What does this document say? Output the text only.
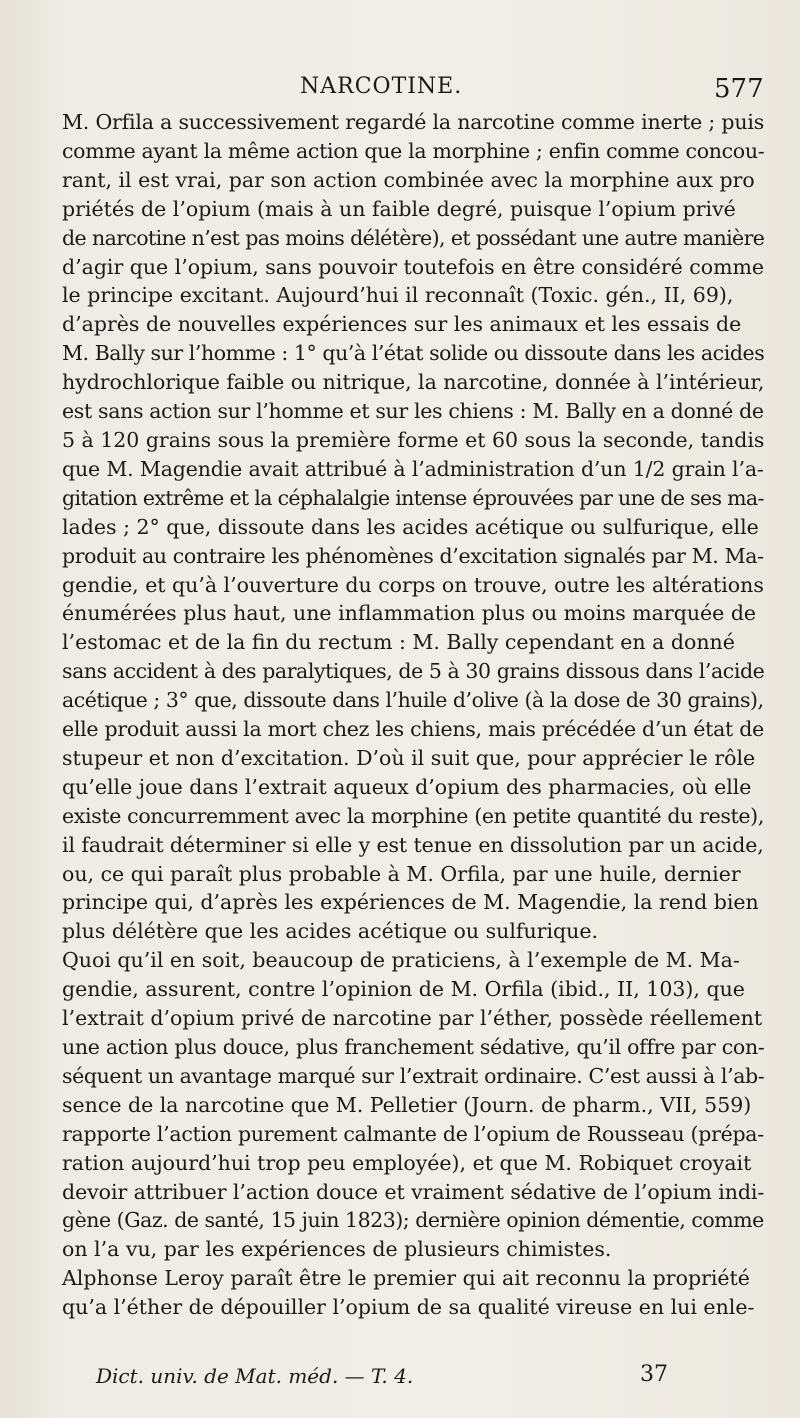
NARCOTINE.	577

M. Orfila a successivement regardé la narcotine comme inerte ; puis
comme ayant la même action que la morphine ; enfin comme concou-
rant, il est vrai, par son action combinée avec la morphine aux pro
priétés de l’opium (mais à un faible degré, puisque l’opium privé
de narcotine n’est pas moins délétère), et possédant une autre manière
d’agir que l’opium, sans pouvoir toutefois en être considéré comme
le principe excitant. Aujourd’hui il reconnaît (Toxic. gén., II, 69),
d’après de nouvelles expériences sur les animaux et les essais de
M. Bally sur l’homme : 1° qu’à l’état solide ou dissoute dans les acides
hydrochlorique faible ou nitrique, la narcotine, donnée à l’intérieur,
est sans action sur l’homme et sur les chiens : M. Bally en a donné de
5 à 120 grains sous la première forme et 60 sous la seconde, tandis
que M. Magendie avait attribué à l’administration d’un 1/2 grain l’a-
gitation extrême et la céphalalgie intense éprouvées par une de ses ma-
lades ; 2° que, dissoute dans les acides acétique ou sulfurique, elle
produit au contraire les phénomènes d’excitation signalés par M. Ma-
gendie, et qu’à l’ouverture du corps on trouve, outre les altérations
énumérées plus haut, une inflammation plus ou moins marquée de
l’estomac et de la fin du rectum : M. Bally cependant en a donné
sans accident à des paralytiques, de 5 à 30 grains dissous dans l’acide
acétique ; 3° que, dissoute dans l’huile d’olive (à la dose de 30 grains),
elle produit aussi la mort chez les chiens, mais précédée d’un état de
stupeur et non d’excitation. D’où il suit que, pour apprécier le rôle
qu’elle joue dans l’extrait aqueux d’opium des pharmacies, où elle
existe concurremment avec la morphine (en petite quantité du reste),
il faudrait déterminer si elle y est tenue en dissolution par un acide,
ou, ce qui paraît plus probable à M. Orfila, par une huile, dernier
principe qui, d’après les expériences de M. Magendie, la rend bien
plus délétère que les acides acétique ou sulfurique.

Quoi qu’il en soit, beaucoup de praticiens, à l’exemple de M. Ma-
gendie, assurent, contre l’opinion de M. Orfila (ibid., II, 103), que
l’extrait d’opium privé de narcotine par l’éther, possède réellement
une action plus douce, plus franchement sédative, qu’il offre par con-
séquent un avantage marqué sur l’extrait ordinaire. C’est aussi à l’ab-
sence de la narcotine que M. Pelletier (Journ. de pharm., VII, 559)
rapporte l’action purement calmante de l’opium de Rousseau (prépa-
ration aujourd’hui trop peu employée), et que M. Robiquet croyait
devoir attribuer l’action douce et vraiment sédative de l’opium indi-
gène (Gaz. de santé, 15 juin 1823); dernière opinion démentie, comme
on l’a vu, par les expériences de plusieurs chimistes.

Alphonse Leroy paraît être le premier qui ait reconnu la propriété
qu’a l’éther de dépouiller l’opium de sa qualité vireuse en lui enle-

Dict. univ. de Mat. méd. — T. 4.	37
